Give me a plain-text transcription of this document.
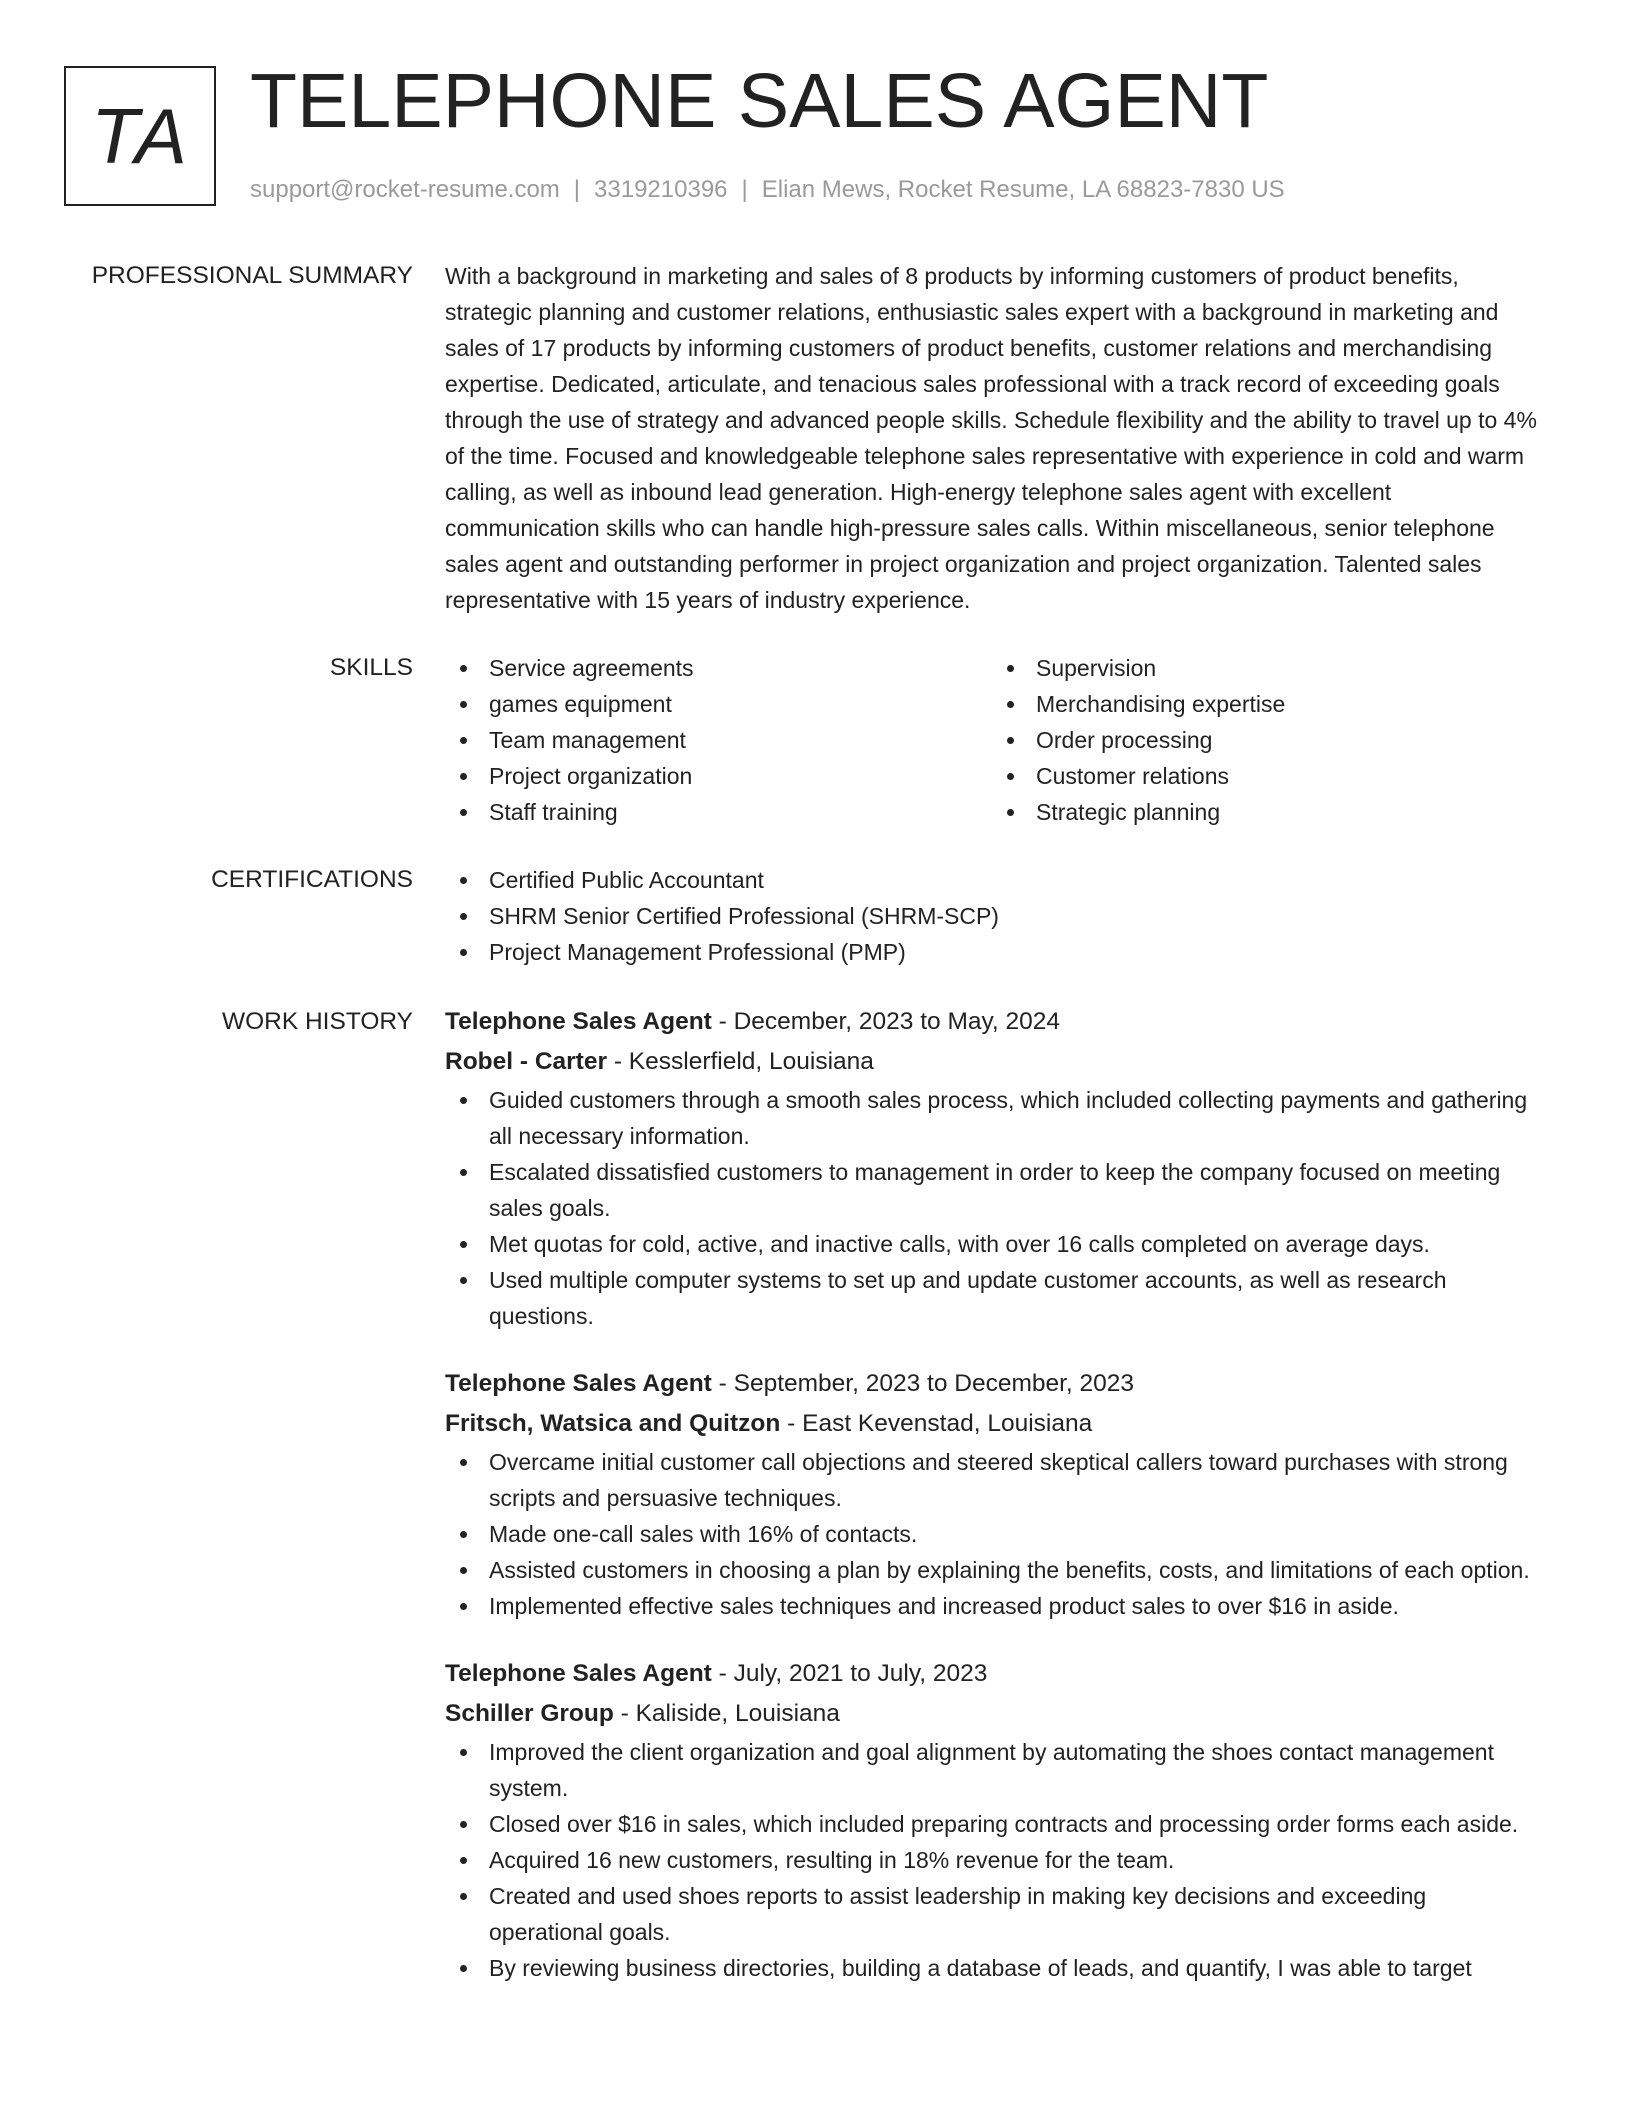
TA TELEPHONE SALES AGENT
support@rocket-resume.com | 3319210396 | Elian Mews, Rocket Resume, LA 68823-7830 US
PROFESSIONAL SUMMARY With a background in marketing and sales of 8 products by informing customers of product benefits, strategic planning and customer relations, enthusiastic sales expert with a background in marketing and sales of 17 products by informing customers of product benefits, customer relations and merchandising expertise. Dedicated, articulate, and tenacious sales professional with a track record of exceeding goals through the use of strategy and advanced people skills. Schedule flexibility and the ability to travel up to 4% of the time. Focused and knowledgeable telephone sales representative with experience in cold and warm calling, as well as inbound lead generation. High-energy telephone sales agent with excellent communication skills who can handle high-pressure sales calls. Within miscellaneous, senior telephone sales agent and outstanding performer in project organization and project organization. Talented sales representative with 15 years of industry experience.

SKILLS	Service agreements
games equipment
Team management
Project organization
Staff training
Supervision
Merchandising expertise
Order processing
Customer relations
Strategic planning
CERTIFICATIONS	Certified Public Accountant
SHRM Senior Certified Professional (SHRM-SCP)
Project Management Professional (PMP)
WORK HISTORY Telephone Sales Agent - December, 2023 to May, 2024
Robel - Carter - Kesslerfield, Louisiana
Guided customers through a smooth sales process, which included collecting payments and gathering all necessary information.
Escalated dissatisfied customers to management in order to keep the company focused on meeting sales goals.
Met quotas for cold, active, and inactive calls, with over 16 calls completed on average days.
Used multiple computer systems to set up and update customer accounts, as well as research questions.
Telephone Sales Agent - September, 2023 to December, 2023
Fritsch, Watsica and Quitzon - East Kevenstad, Louisiana
Overcame initial customer call objections and steered skeptical callers toward purchases with strong scripts and persuasive techniques.
Made one-call sales with 16% of contacts.
Assisted customers in choosing a plan by explaining the benefits, costs, and limitations of each option.
Implemented effective sales techniques and increased product sales to over $16 in aside.
Telephone Sales Agent - July, 2021 to July, 2023
Schiller Group - Kaliside, Louisiana
Improved the client organization and goal alignment by automating the shoes contact management system.
Closed over $16 in sales, which included preparing contracts and processing order forms each aside.
Acquired 16 new customers, resulting in 18% revenue for the team.
Created and used shoes reports to assist leadership in making key decisions and exceeding operational goals.
By reviewing business directories, building a database of leads, and quantify, I was able to target
